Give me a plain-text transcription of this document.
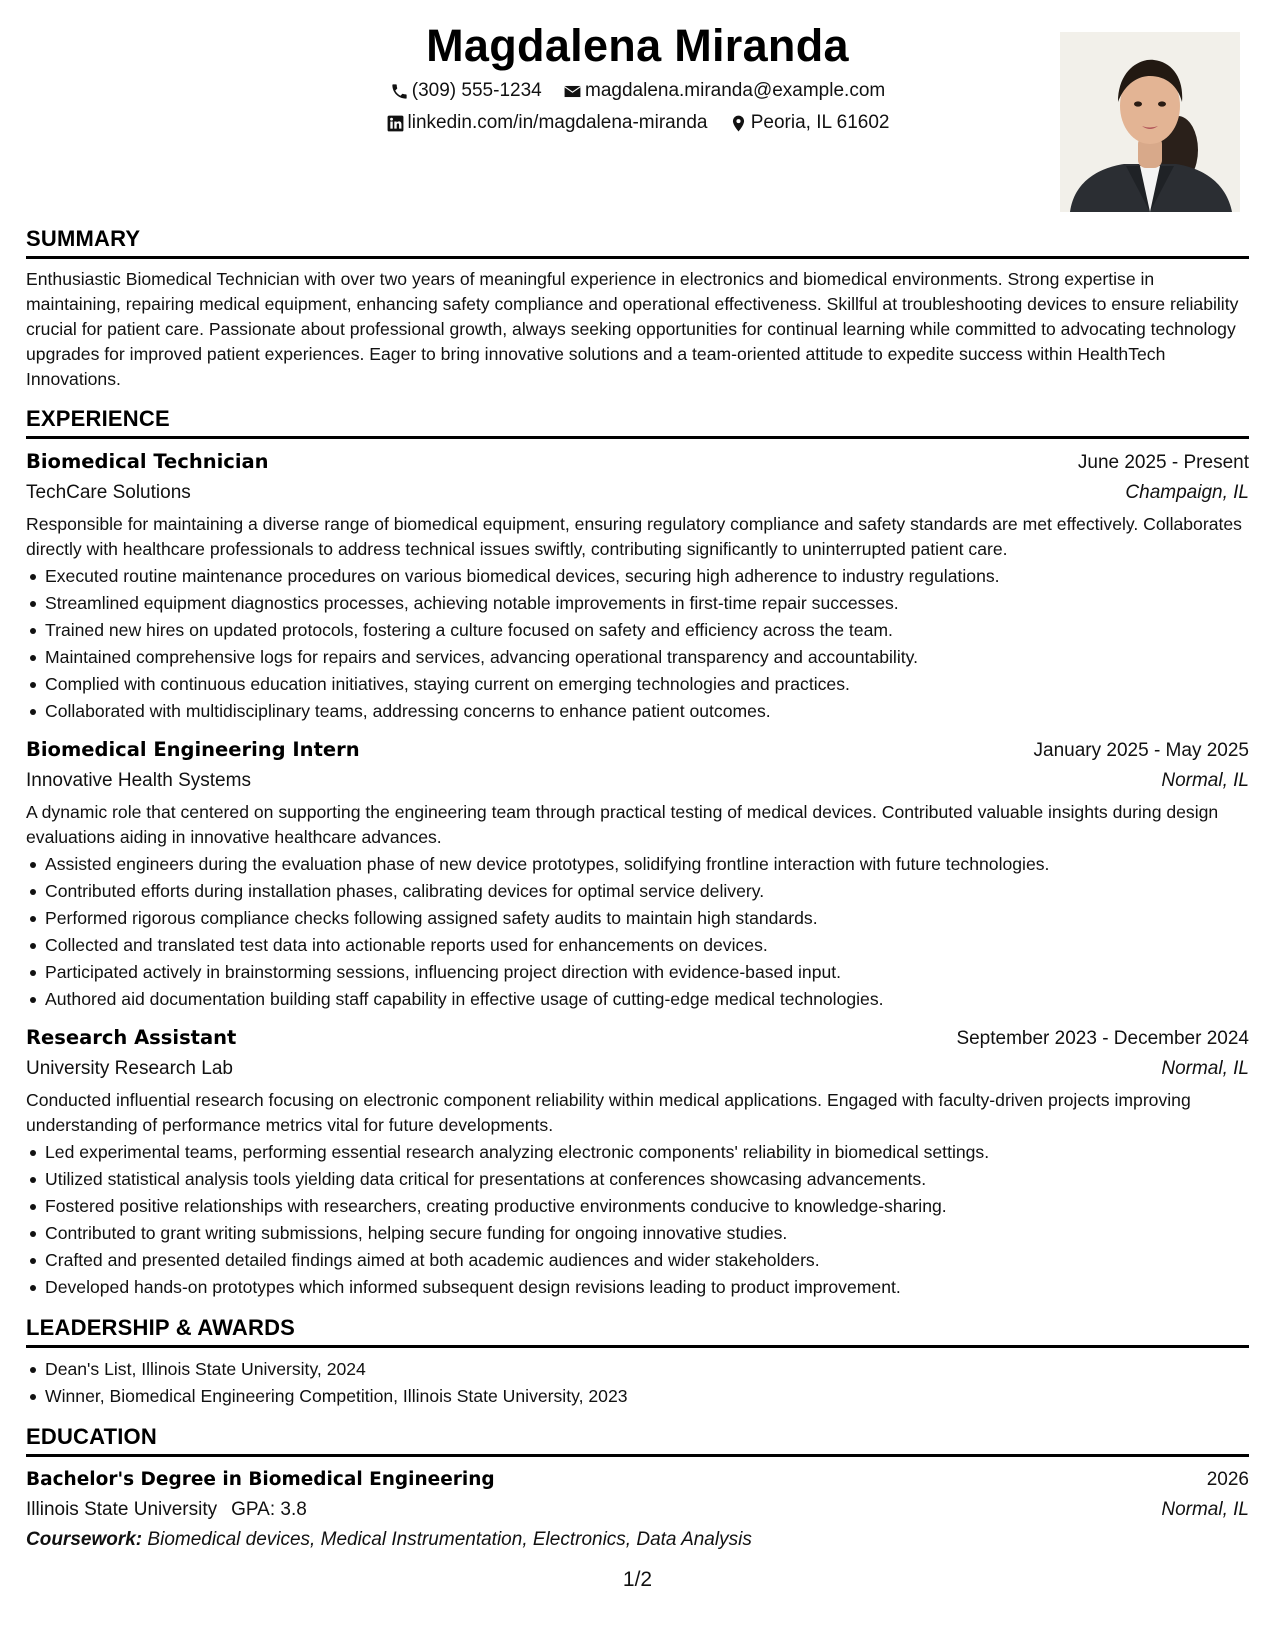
Magdalena Miranda
(309) 555-1234
magdalena.miranda@example.com
linkedin.com/in/magdalena-miranda
Peoria, IL 61602
SUMMARY
Enthusiastic Biomedical Technician with over two years of meaningful experience in electronics and biomedical environments. Strong expertise in maintaining, repairing medical equipment, enhancing safety compliance and operational effectiveness. Skillful at troubleshooting devices to ensure reliability crucial for patient care. Passionate about professional growth, always seeking opportunities for continual learning while committed to advocating technology upgrades for improved patient experiences. Eager to bring innovative solutions and a team-oriented attitude to expedite success within HealthTech Innovations.
EXPERIENCE
Biomedical Technician	June 2025 - Present
TechCare Solutions	Champaign, IL
Responsible for maintaining a diverse range of biomedical equipment, ensuring regulatory compliance and safety standards are met effectively. Collaborates directly with healthcare professionals to address technical issues swiftly, contributing significantly to uninterrupted patient care.
Executed routine maintenance procedures on various biomedical devices, securing high adherence to industry regulations.
Streamlined equipment diagnostics processes, achieving notable improvements in first-time repair successes.
Trained new hires on updated protocols, fostering a culture focused on safety and efficiency across the team.
Maintained comprehensive logs for repairs and services, advancing operational transparency and accountability.
Complied with continuous education initiatives, staying current on emerging technologies and practices.
Collaborated with multidisciplinary teams, addressing concerns to enhance patient outcomes.
Biomedical Engineering Intern	January 2025 - May 2025
Innovative Health Systems	Normal, IL
A dynamic role that centered on supporting the engineering team through practical testing of medical devices. Contributed valuable insights during design evaluations aiding in innovative healthcare advances.
Assisted engineers during the evaluation phase of new device prototypes, solidifying frontline interaction with future technologies.
Contributed efforts during installation phases, calibrating devices for optimal service delivery.
Performed rigorous compliance checks following assigned safety audits to maintain high standards.
Collected and translated test data into actionable reports used for enhancements on devices.
Participated actively in brainstorming sessions, influencing project direction with evidence-based input.
Authored aid documentation building staff capability in effective usage of cutting-edge medical technologies.
Research Assistant	September 2023 - December 2024
University Research Lab	Normal, IL
Conducted influential research focusing on electronic component reliability within medical applications. Engaged with faculty-driven projects improving understanding of performance metrics vital for future developments.
Led experimental teams, performing essential research analyzing electronic components' reliability in biomedical settings.
Utilized statistical analysis tools yielding data critical for presentations at conferences showcasing advancements.
Fostered positive relationships with researchers, creating productive environments conducive to knowledge-sharing.
Contributed to grant writing submissions, helping secure funding for ongoing innovative studies.
Crafted and presented detailed findings aimed at both academic audiences and wider stakeholders.
Developed hands-on prototypes which informed subsequent design revisions leading to product improvement.
LEADERSHIP & AWARDS
Dean's List, Illinois State University, 2024
Winner, Biomedical Engineering Competition, Illinois State University, 2023
EDUCATION
Bachelor's Degree in Biomedical Engineering	2026
Illinois State University GPA: 3.8	Normal, IL
Coursework: Biomedical devices, Medical Instrumentation, Electronics, Data Analysis
1/2
